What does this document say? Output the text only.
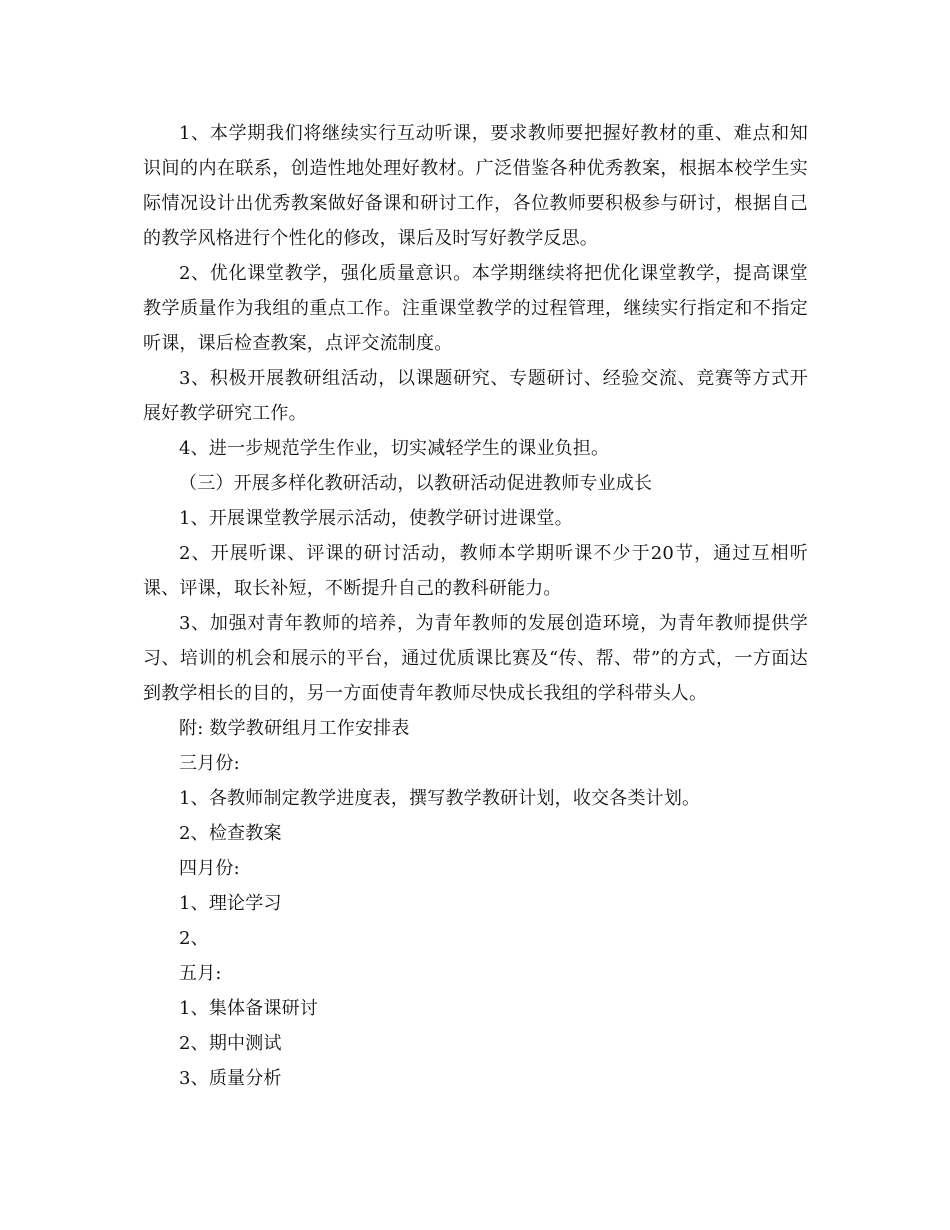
1、本学期我们将继续实行互动听课，要求教师要把握好教材的重、难点和知识间的内在联系，创造性地处理好教材。广泛借鉴各种优秀教案，根据本校学生实际情况设计出优秀教案做好备课和研讨工作，各位教师要积极参与研讨，根据自己的教学风格进行个性化的修改，课后及时写好教学反思。

2、优化课堂教学，强化质量意识。本学期继续将把优化课堂教学，提高课堂教学质量作为我组的重点工作。注重课堂教学的过程管理，继续实行指定和不指定听课，课后检查教案，点评交流制度。

3、积极开展教研组活动，以课题研究、专题研讨、经验交流、竞赛等方式开展好教学研究工作。

4、进一步规范学生作业，切实减轻学生的课业负担。

（三）开展多样化教研活动，以教研活动促进教师专业成长

1、开展课堂教学展示活动，使教学研讨进课堂。

2、开展听课、评课的研讨活动，教师本学期听课不少于20节，通过互相听课、评课，取长补短，不断提升自己的教科研能力。

3、加强对青年教师的培养，为青年教师的发展创造环境，为青年教师提供学习、培训的机会和展示的平台，通过优质课比赛及“传、帮、带”的方式，一方面达到教学相长的目的，另一方面使青年教师尽快成长我组的学科带头人。

附: 数学教研组月工作安排表

三月份:

1、各教师制定教学进度表，撰写教学教研计划，收交各类计划。

2、检查教案

四月份:

1、理论学习

2、

五月:

1、集体备课研讨

2、期中测试

3、质量分析
